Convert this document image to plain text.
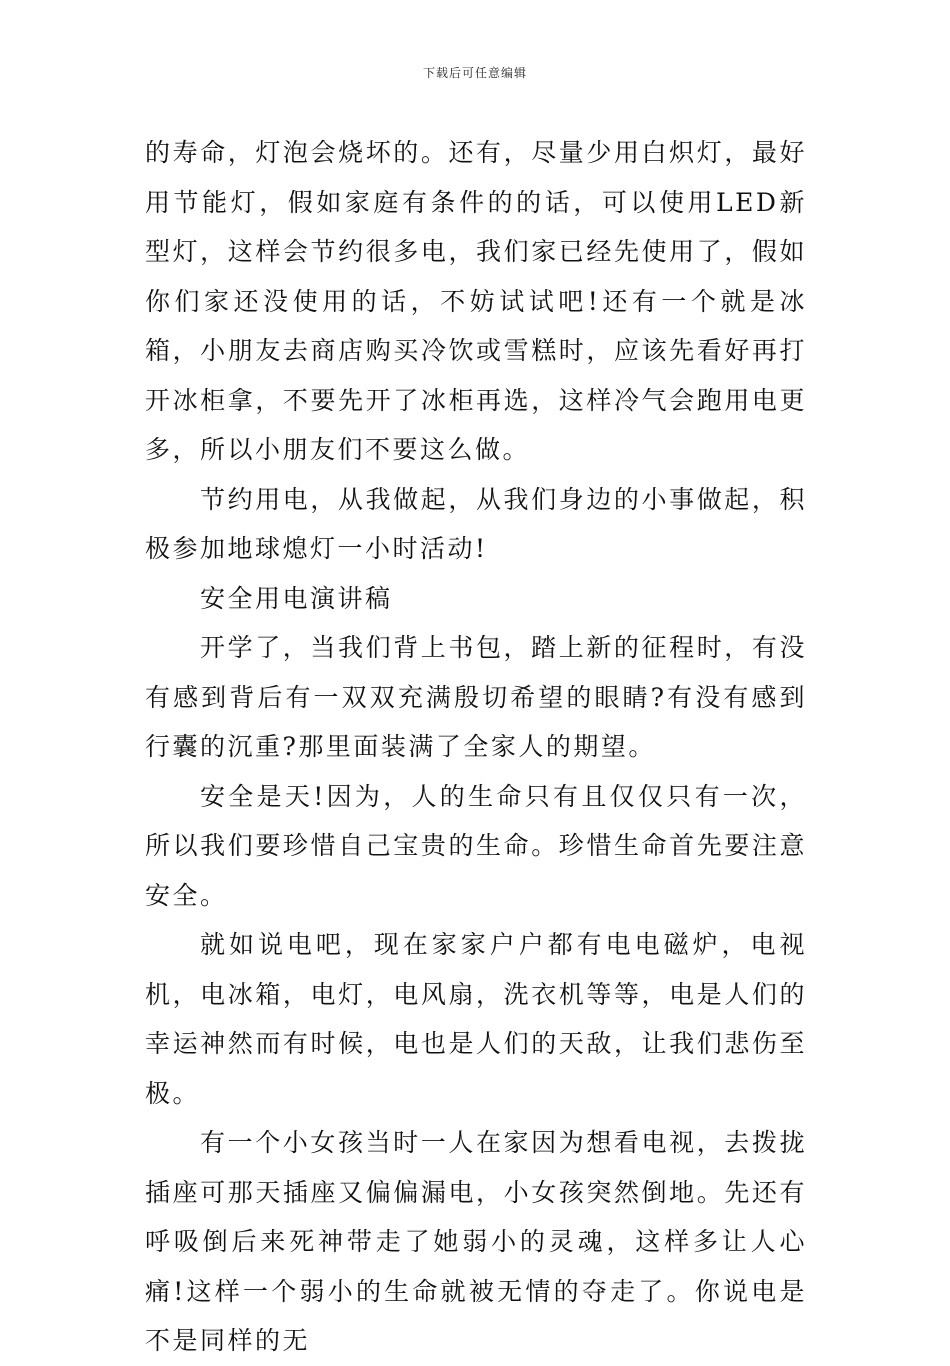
下载后可任意编辑

的寿命，灯泡会烧坏的。还有，尽量少用白炽灯，最好用节能灯，假如家庭有条件的的话，可以使用LED新型灯，这样会节约很多电，我们家已经先使用了，假如你们家还没使用的话，不妨试试吧!还有一个就是冰箱，小朋友去商店购买冷饮或雪糕时，应该先看好再打开冰柜拿，不要先开了冰柜再选，这样冷气会跑用电更多，所以小朋友们不要这么做。

节约用电，从我做起，从我们身边的小事做起，积极参加地球熄灯一小时活动!

安全用电演讲稿

开学了，当我们背上书包，踏上新的征程时，有没有感到背后有一双双充满殷切希望的眼睛?有没有感到行囊的沉重?那里面装满了全家人的期望。

安全是天!因为，人的生命只有且仅仅只有一次，所以我们要珍惜自己宝贵的生命。珍惜生命首先要注意安全。

就如说电吧，现在家家户户都有电电磁炉，电视机，电冰箱，电灯，电风扇，洗衣机等等，电是人们的幸运神然而有时候，电也是人们的天敌，让我们悲伤至极。

有一个小女孩当时一人在家因为想看电视，去拨拢插座可那天插座又偏偏漏电，小女孩突然倒地。先还有呼吸倒后来死神带走了她弱小的灵魂，这样多让人心痛!这样一个弱小的生命就被无情的夺走了。你说电是不是同样的无
